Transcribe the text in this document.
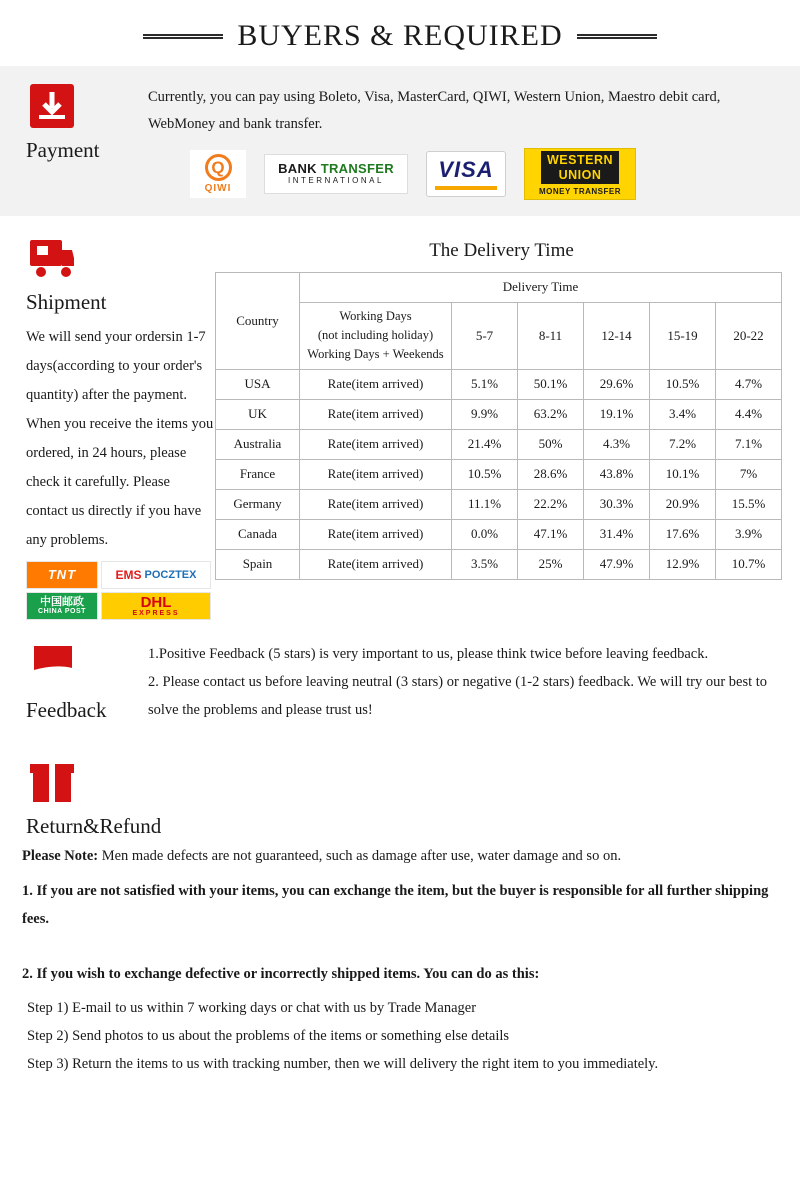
BUYERS & REQUIRED
Payment
Currently, you can pay using Boleto, Visa, MasterCard, QIWI, Western Union, Maestro debit card, WebMoney and bank transfer.
Q
QIWI
BANK TRANSFER
INTERNATIONAL VISA	WESTERN
UNION
MONEY TRANSFER
Shipment
We will send your ordersin 1-7 days(according to your order's quantity) after the payment. When you receive the items you ordered, in 24 hours, please check it carefully. Please contact us directly if you have any problems.
TNT	EMS POCZTEX
中国邮政
CHINA POST
DHL
EXPRESS
The Delivery Time
Country	Delivery Time					

	Working Days
(not including holiday)
Working Days + Weekends	5-7	8-11	12-14	15-19	20-22
USA	Rate(item arrived)	5.1%	50.1%	29.6%	10.5%	4.7%
UK	Rate(item arrived)	9.9%	63.2%	19.1%	3.4%	4.4%
Australia	Rate(item arrived)	21.4%	50%	4.3%	7.2%	7.1%
France	Rate(item arrived)	10.5%	28.6%	43.8%	10.1%	7%
Germany	Rate(item arrived)	11.1%	22.2%	30.3%	20.9%	15.5%
Canada	Rate(item arrived)	0.0%	47.1%	31.4%	17.6%	3.9%
Spain	Rate(item arrived)	3.5%	25%	47.9%	12.9%	10.7%
Feedback
1.Positive Feedback (5 stars) is very important to us, please think twice before leaving feedback.
2. Please contact us before leaving neutral (3 stars) or negative (1-2 stars) feedback. We will try our best to solve the problems and please trust us!
Return&Refund
Please Note: Men made defects are not guaranteed, such as damage after use, water damage and so on.
1. If you are not satisfied with your items, you can exchange the item, but the buyer is responsible for all further shipping fees.
2. If you wish to exchange defective or incorrectly shipped items. You can do as this:
Step 1) E-mail to us within 7 working days or chat with us by Trade Manager
Step 2) Send photos to us about the problems of the items or something else details
Step 3) Return the items to us with tracking number, then we will delivery the right item to you immediately.
